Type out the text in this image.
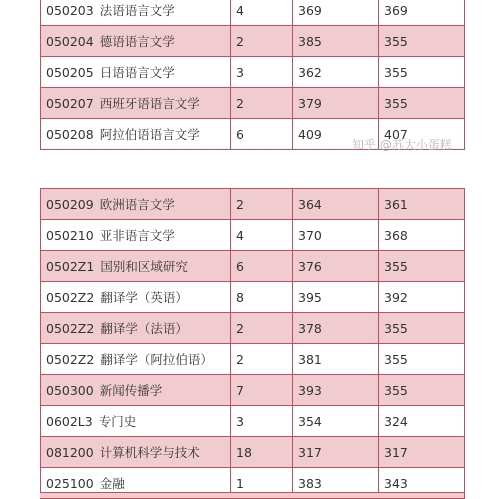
050203 法语语言文学	4	369	369
050204 德语语言文学	2	385	355
050205 日语语言文学	3	362	355
050207 西班牙语语言文学	2	379	355
050208 阿拉伯语语言文学	6	409	407
知乎 @苏大小蛋糕
050209 欧洲语言文学	2	364	361
050210 亚非语言文学	4	370	368
0502Z1 国别和区域研究	6	376	355
0502Z2 翻译学（英语）	8	395	392
0502Z2 翻译学（法语）	2	378	355
0502Z2 翻译学（阿拉伯语）	2	381	355
050300 新闻传播学	7	393	355
0602L3 专门史	3	354	324
081200 计算机科学与技术	18	317	317
025100 金融	1	383	343
